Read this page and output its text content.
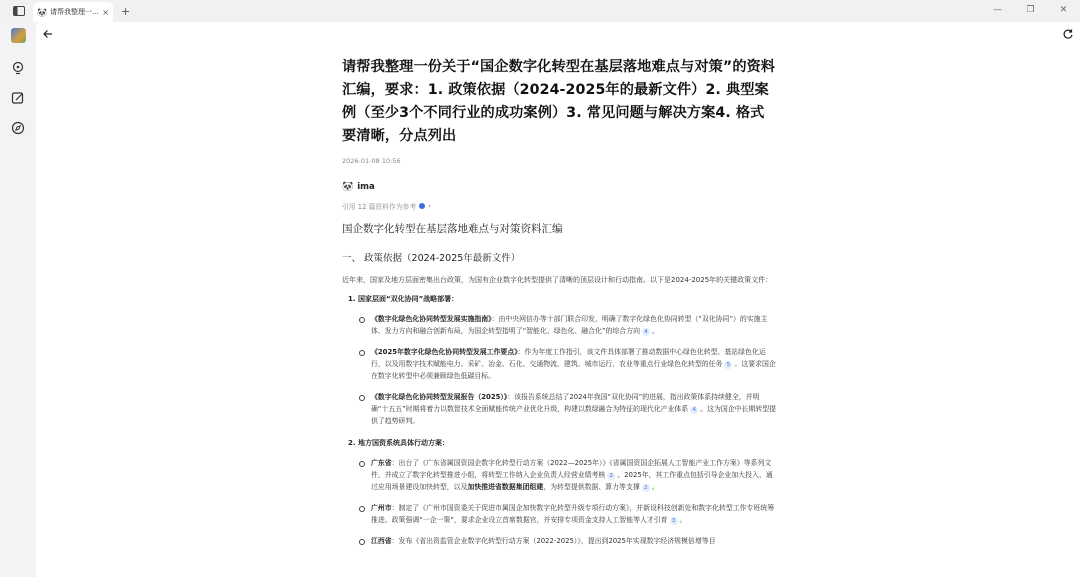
🐼 请帮我整理一... × +	—	❐	✕
请帮我整理一份关于“国企数字化转型在基层落地难点与对策”的资料汇编，要求：1. 政策依据（2024-2025年的最新文件）2. 典型案例（至少3个不同行业的成功案例）3. 常见问题与解决方案4. 格式要清晰，分点列出
2026-01-08 10:56
🐼 ima
引用 12 篇资料作为参考 ›
国企数字化转型在基层落地难点与对策资料汇编
一、 政策依据（2024-2025年最新文件）
近年来，国家及地方层面密集出台政策，为国有企业数字化转型提供了清晰的顶层设计和行动指南。以下是2024-2025年的关键政策文件：
1. 国家层面“双化协同”战略部署：
《数字化绿色化协同转型发展实施指南》：由中央网信办等十部门联合印发，明确了数字化绿色化协同转型（“双化协同”）的实施主体、发力方向和融合创新布局，为国企转型指明了“智能化、绿色化、融合化”的综合方向 4 。
《2025年数字化绿色化协同转型发展工作要点》：作为年度工作指引，该文件具体部署了推动数据中心绿色化转型、基站绿色化运行，以及用数字技术赋能电力、采矿、冶金、石化、交通物流、建筑、城市运行、农业等重点行业绿色化转型的任务 5 。这要求国企在数字化转型中必须兼顾绿色低碳目标。
《数字化绿色化协同转型发展报告（2025）》：该报告系统总结了2024年我国“双化协同”的进展，指出政策体系持续健全，并明确“十五五”时期将着力以数智技术全面赋能传统产业优化升级，构建以数绿融合为特征的现代化产业体系 4 。这为国企中长期转型提供了趋势研判。
2. 地方国资系统具体行动方案：
广东省：出台了《广东省属国资国企数字化转型行动方案（2022—2025年）》《省属国资国企拓展人工智能产业工作方案》等系列文件，并成立了数字化转型推进小组，将转型工作纳入企业负责人经营业绩考核 2 。2025年，其工作重点包括引导企业加大投入、通过应用场景建设加快转型，以及加快推进省数据集团组建，为转型提供数据、算力等支撑 2 。
广州市：制定了《广州市国资委关于促进市属国企加快数字化转型升级专项行动方案》，并新设科技创新处和数字化转型工作专班统筹推进。政策强调“一企一策”，要求企业设立首席数据官，并安排专项资金支持人工智能等人才引育 3 。
江西省：发布《省出资监管企业数字化转型行动方案（2022-2025）》，提出到2025年实现数字经济规模倍增等目
